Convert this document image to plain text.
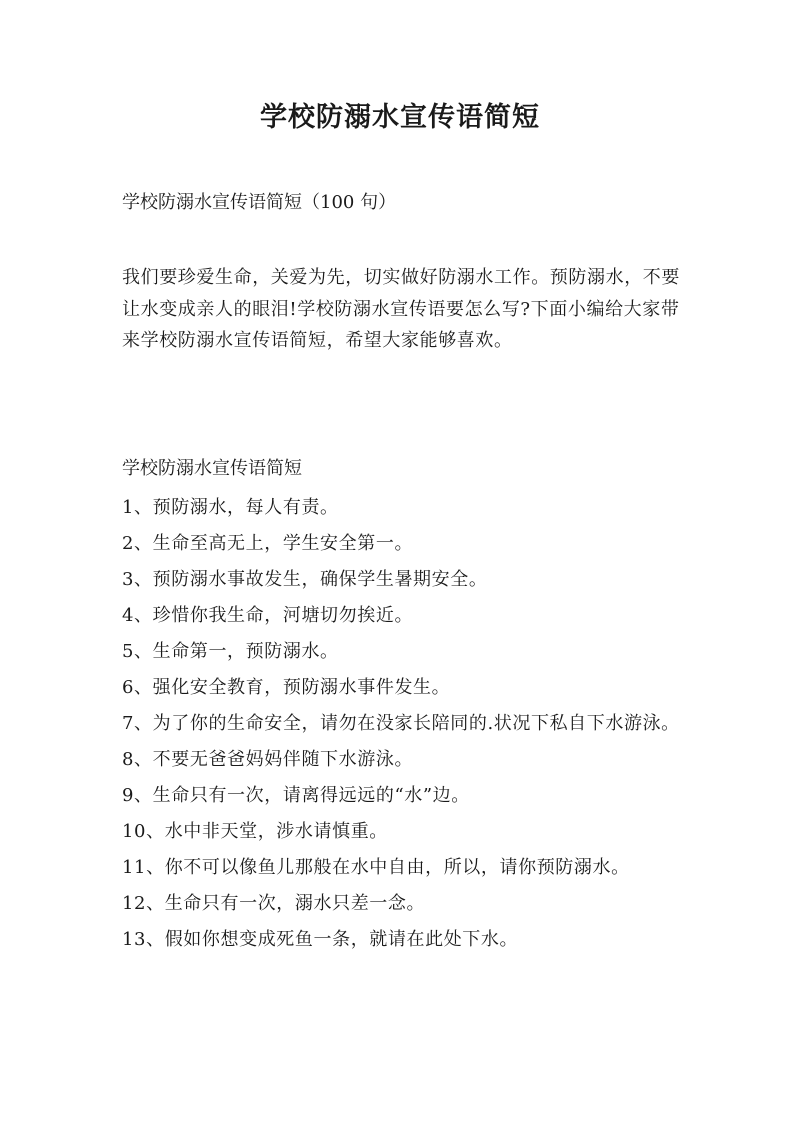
学校防溺水宣传语简短
学校防溺水宣传语简短（100 句）

我们要珍爱生命，关爱为先，切实做好防溺水工作。预防溺水，不要让水变成亲人的眼泪!学校防溺水宣传语要怎么写?下面小编给大家带来学校防溺水宣传语简短，希望大家能够喜欢。

学校防溺水宣传语简短
1、预防溺水，每人有责。
2、生命至高无上，学生安全第一。
3、预防溺水事故发生，确保学生暑期安全。
4、珍惜你我生命，河塘切勿挨近。
5、生命第一，预防溺水。
6、强化安全教育，预防溺水事件发生。
7、为了你的生命安全，请勿在没家长陪同的.状况下私自下水游泳。
8、不要无爸爸妈妈伴随下水游泳。
9、生命只有一次，请离得远远的“水”边。
10、水中非天堂，涉水请慎重。
11、你不可以像鱼儿那般在水中自由，所以，请你预防溺水。
12、生命只有一次，溺水只差一念。
13、假如你想变成死鱼一条，就请在此处下水。
